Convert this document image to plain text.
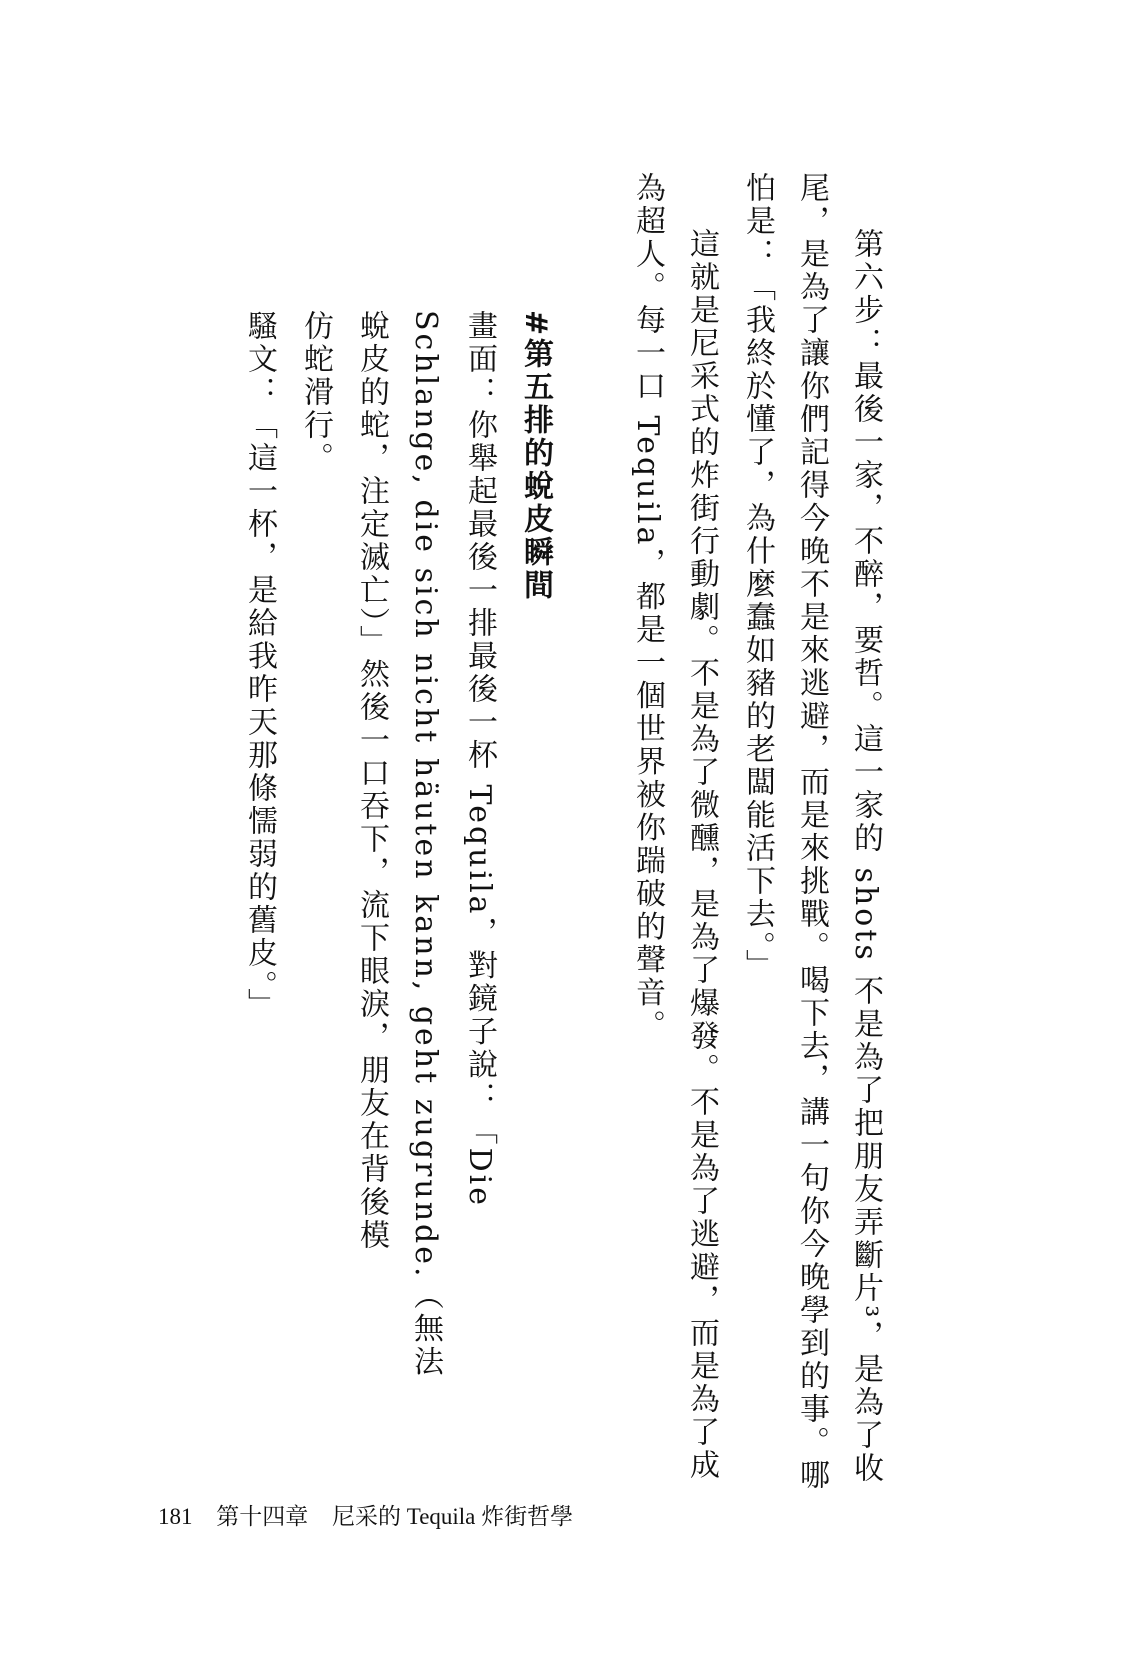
第六步：最後一家，不醉，要哲。這一家的 shots 不是為了把朋友弄斷片³，是為了收
尾，是為了讓你們記得今晚不是來逃避，而是來挑戰。喝下去，講一句你今晚學到的事。哪
怕是：「我終於懂了，為什麼蠢如豬的老闆能活下去。」
這就是尼采式的炸街行動劇。不是為了微醺，是為了爆發。不是為了逃避，而是為了成
為超人。每一口 Tequila，都是一個世界被你踹破的聲音。
#第五排的蛻皮瞬間
畫面：你舉起最後一排最後一杯 Tequila，對鏡子說：「Die
Schlange, die sich nicht häuten kann, geht zugrunde.（無法
蛻皮的蛇，注定滅亡）」然後一口吞下，流下眼淚，朋友在背後模
仿蛇滑行。
騷文：「這一杯，是給我昨天那條懦弱的舊皮。」
181 第十四章 尼采的 Tequila 炸街哲學
